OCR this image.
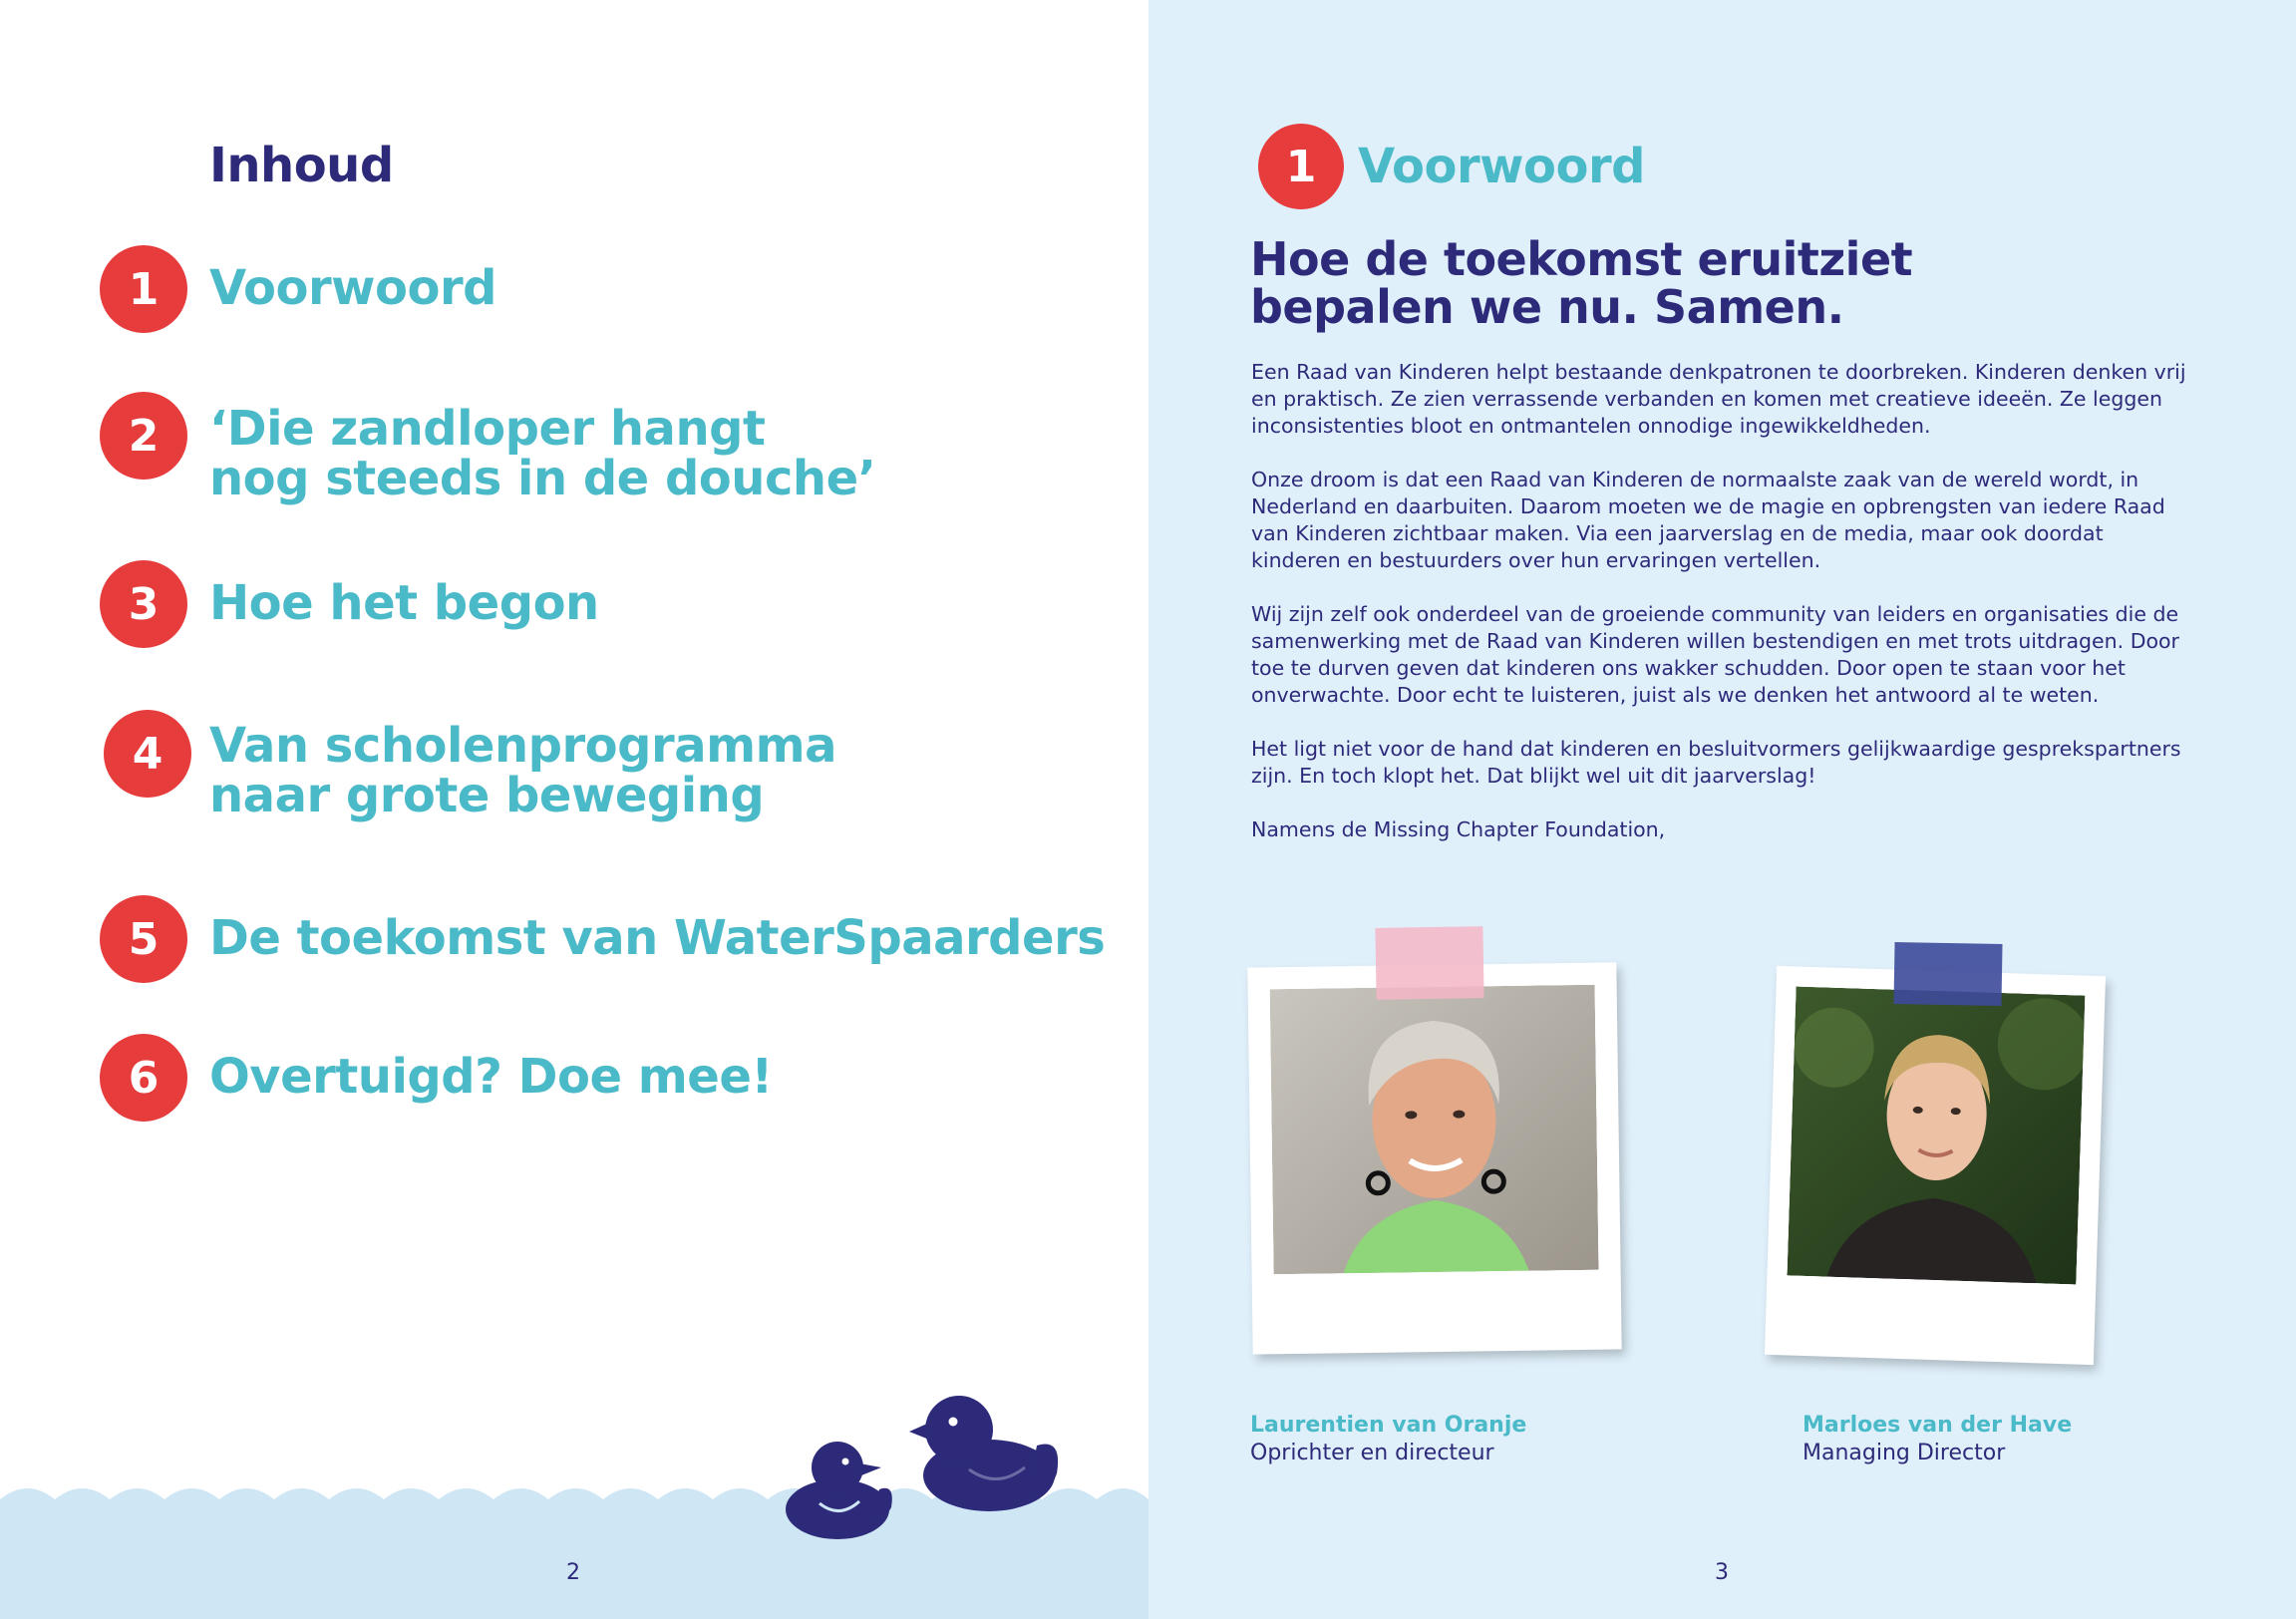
Inhoud
1	Voorwoord
2	‘Die zandloper hangt
nog steeds in de douche’
3	Hoe het begon
4 Van scholenprogramma
naar grote beweging
5	De toekomst van WaterSpaarders
6	Overtuigd? Doe mee!
2
1 Voorwoord
Hoe de toekomst eruitziet
bepalen we nu. Samen.

Een Raad van Kinderen helpt bestaande denkpatronen te doorbreken. Kinderen denken vrij en praktisch. Ze zien verrassende verbanden en komen met creatieve ideeën. Ze leggen inconsistenties bloot en ontmantelen onnodige ingewikkeldheden.

Onze droom is dat een Raad van Kinderen de normaalste zaak van de wereld wordt, in Nederland en daarbuiten. Daarom moeten we de magie en opbrengsten van iedere Raad van Kinderen zichtbaar maken. Via een jaarverslag en de media, maar ook doordat kinderen en bestuurders over hun ervaringen vertellen.

Wij zijn zelf ook onderdeel van de groeiende community van leiders en organisaties die de samenwerking met de Raad van Kinderen willen bestendigen en met trots uitdragen. Door toe te durven geven dat kinderen ons wakker schudden. Door open te staan voor het onverwachte. Door echt te luisteren, juist als we denken het antwoord al te weten.

Het ligt niet voor de hand dat kinderen en besluitvormers gelijkwaardige gesprekspartners zijn. En toch klopt het. Dat blijkt wel uit dit jaarverslag!

Namens de Missing Chapter Foundation,

Laurentien van Oranje
Oprichter en directeur
Marloes van der Have
Managing Director
3
